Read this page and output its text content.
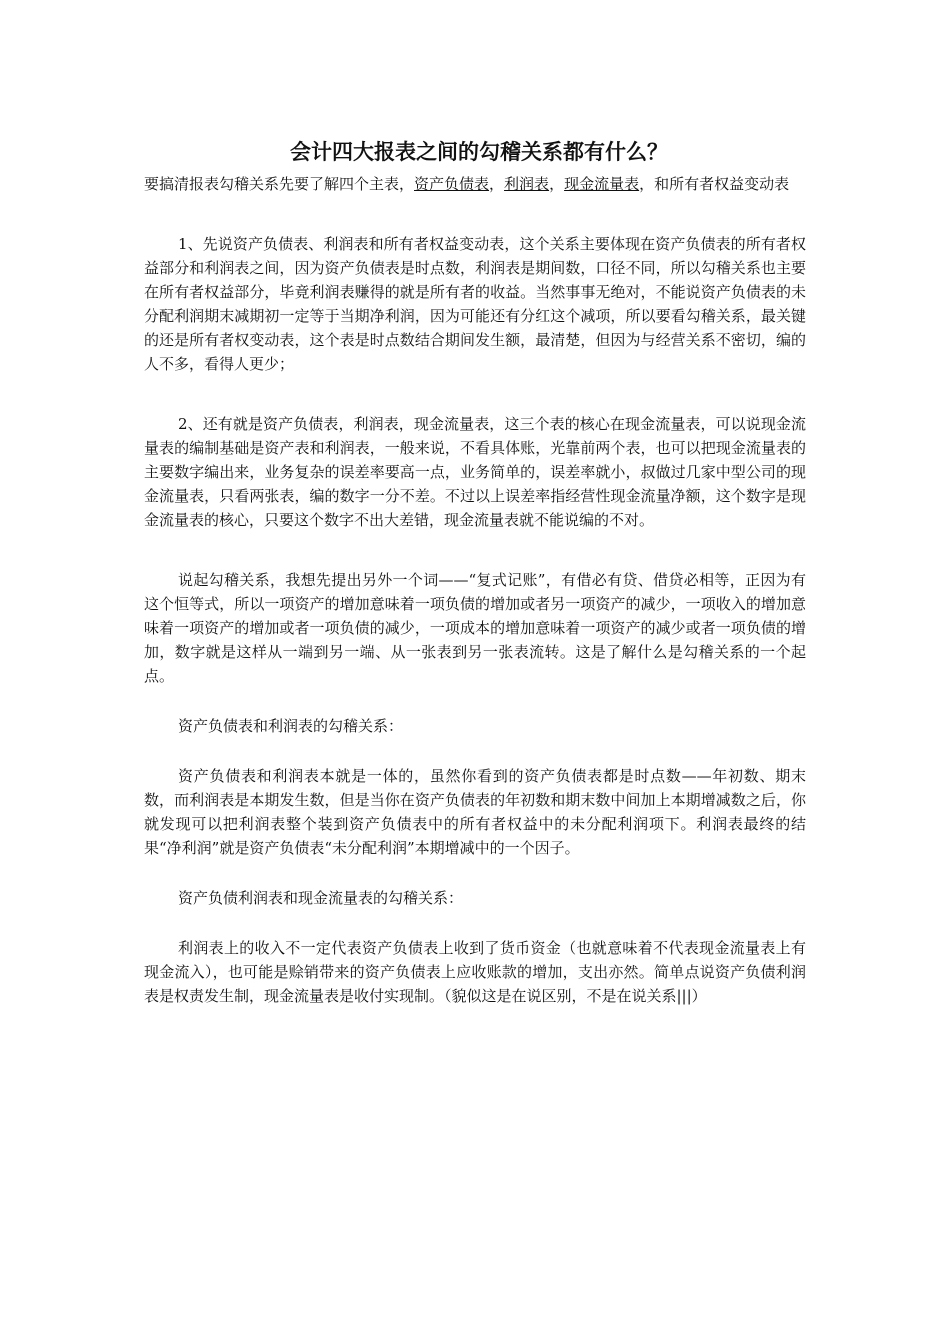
会计四大报表之间的勾稽关系都有什么？

要搞清报表勾稽关系先要了解四个主表，资产负债表，利润表，现金流量表，和所有者权益变动表

1、先说资产负债表、利润表和所有者权益变动表，这个关系主要体现在资产负债表的所有者权益部分和利润表之间，因为资产负债表是时点数，利润表是期间数，口径不同，所以勾稽关系也主要在所有者权益部分，毕竟利润表赚得的就是所有者的收益。当然事事无绝对，不能说资产负债表的未分配利润期末减期初一定等于当期净利润，因为可能还有分红这个减项，所以要看勾稽关系，最关键的还是所有者权变动表，这个表是时点数结合期间发生额，最清楚，但因为与经营关系不密切，编的人不多，看得人更少；

2、还有就是资产负债表，利润表，现金流量表，这三个表的核心在现金流量表，可以说现金流量表的编制基础是资产表和利润表，一般来说，不看具体账，光靠前两个表，也可以把现金流量表的主要数字编出来，业务复杂的误差率要高一点，业务简单的，误差率就小，叔做过几家中型公司的现金流量表，只看两张表，编的数字一分不差。不过以上误差率指经营性现金流量净额，这个数字是现金流量表的核心，只要这个数字不出大差错，现金流量表就不能说编的不对。

说起勾稽关系，我想先提出另外一个词——“复式记账”，有借必有贷、借贷必相等，正因为有这个恒等式，所以一项资产的增加意味着一项负债的增加或者另一项资产的减少，一项收入的增加意味着一项资产的增加或者一项负债的减少，一项成本的增加意味着一项资产的减少或者一项负债的增加，数字就是这样从一端到另一端、从一张表到另一张表流转。这是了解什么是勾稽关系的一个起点。

资产负债表和利润表的勾稽关系：

资产负债表和利润表本就是一体的，虽然你看到的资产负债表都是时点数——年初数、期末数，而利润表是本期发生数，但是当你在资产负债表的年初数和期末数中间加上本期增减数之后，你就发现可以把利润表整个装到资产负债表中的所有者权益中的未分配利润项下。利润表最终的结果“净利润”就是资产负债表“未分配利润”本期增减中的一个因子。

资产负债利润表和现金流量表的勾稽关系：

利润表上的收入不一定代表资产负债表上收到了货币资金（也就意味着不代表现金流量表上有现金流入），也可能是赊销带来的资产负债表上应收账款的增加，支出亦然。简单点说资产负债利润表是权责发生制，现金流量表是收付实现制。（貌似这是在说区别，不是在说关系|||）
